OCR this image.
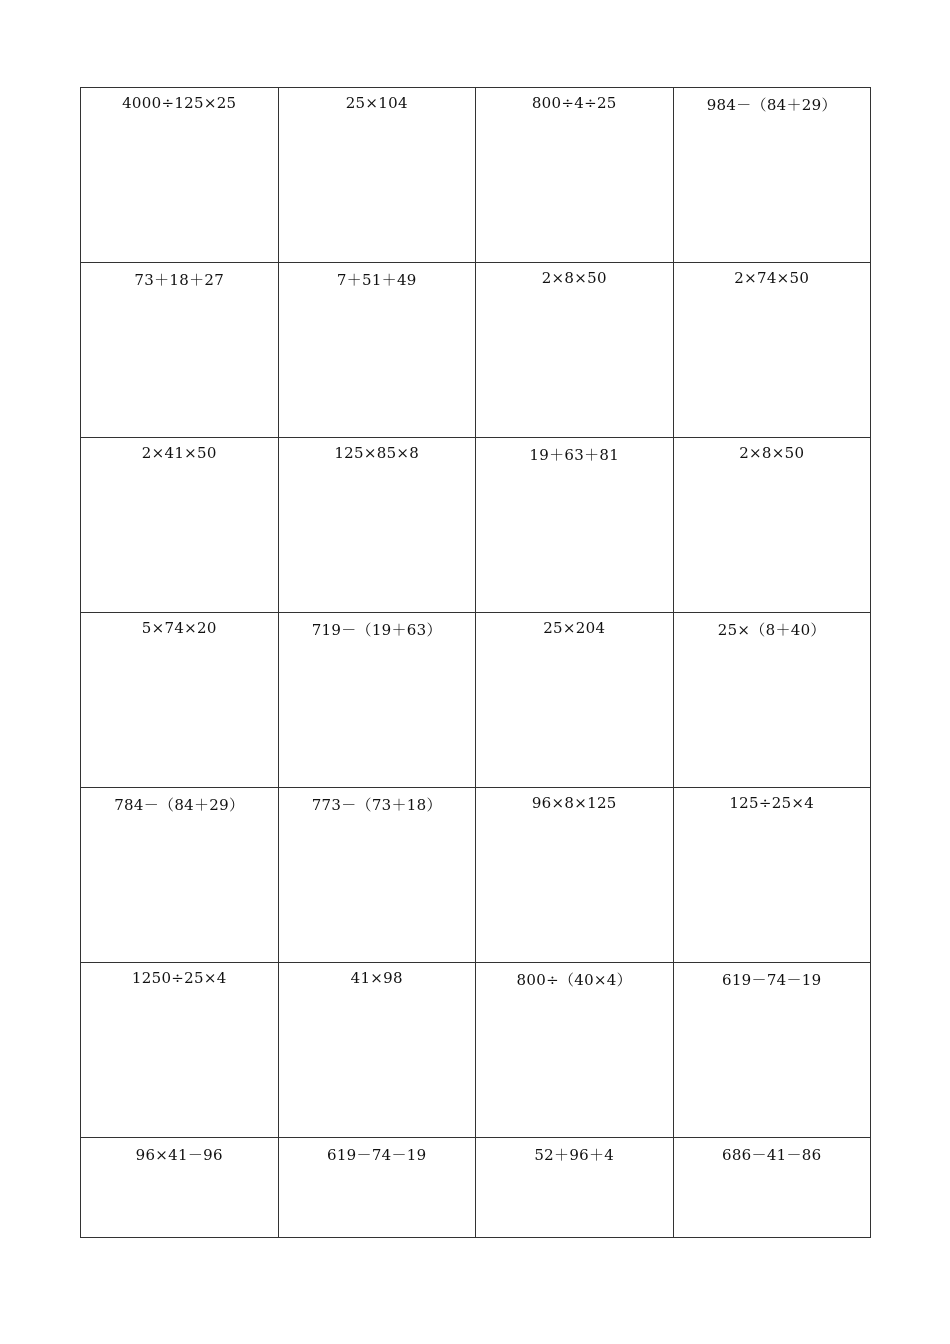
4000÷125×25	25×104	800÷4÷25	984－（84＋29）
73＋18＋27	7＋51＋49	2×8×50	2×74×50
2×41×50	125×85×8	19＋63＋81	2×8×50
5×74×20	719－（19＋63）	25×204	25×（8＋40）
784－（84＋29）	773－（73＋18）	96×8×125	125÷25×4
1250÷25×4	41×98	800÷（40×4）	619－74－19
96×41－96	619－74－19	52＋96＋4	686－41－86
